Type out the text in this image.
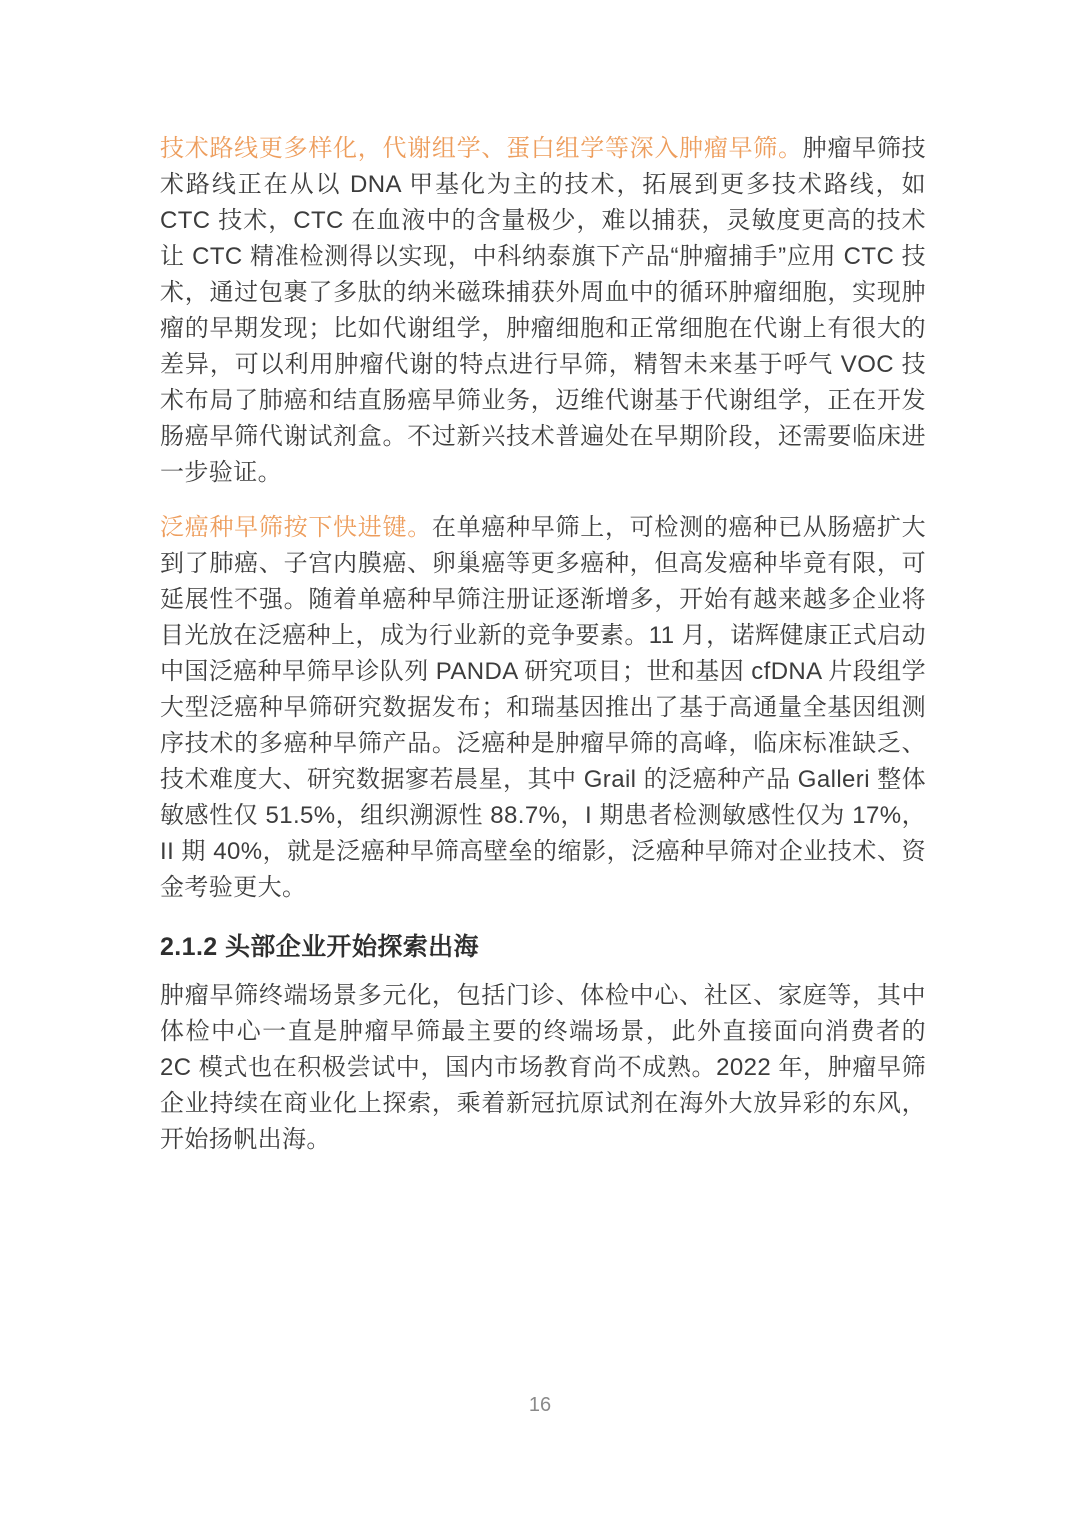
技术路线更多样化，代谢组学、蛋白组学等深入肿瘤早筛。肿瘤早筛技术路线正在从以 DNA 甲基化为主的技术，拓展到更多技术路线，如 CTC 技术，CTC 在血液中的含量极少，难以捕获，灵敏度更高的技术让 CTC 精准检测得以实现，中科纳泰旗下产品“肿瘤捕手”应用 CTC 技术，通过包裹了多肽的纳米磁珠捕获外周血中的循环肿瘤细胞，实现肿瘤的早期发现；比如代谢组学，肿瘤细胞和正常细胞在代谢上有很大的差异，可以利用肿瘤代谢的特点进行早筛，精智未来基于呼气 VOC 技术布局了肺癌和结直肠癌早筛业务，迈维代谢基于代谢组学，正在开发肠癌早筛代谢试剂盒。不过新兴技术普遍处在早期阶段，还需要临床进一步验证。

泛癌种早筛按下快进键。在单癌种早筛上，可检测的癌种已从肠癌扩大到了肺癌、子宫内膜癌、卵巢癌等更多癌种，但高发癌种毕竟有限，可延展性不强。随着单癌种早筛注册证逐渐增多，开始有越来越多企业将目光放在泛癌种上，成为行业新的竞争要素。11 月，诺辉健康正式启动中国泛癌种早筛早诊队列 PANDA 研究项目；世和基因 cfDNA 片段组学大型泛癌种早筛研究数据发布；和瑞基因推出了基于高通量全基因组测序技术的多癌种早筛产品。泛癌种是肿瘤早筛的高峰，临床标准缺乏、技术难度大、研究数据寥若晨星，其中 Grail 的泛癌种产品 Galleri 整体敏感性仅 51.5%，组织溯源性 88.7%，I 期患者检测敏感性仅为 17%，II 期 40%，就是泛癌种早筛高壁垒的缩影，泛癌种早筛对企业技术、资金考验更大。

2.1.2 头部企业开始探索出海

肿瘤早筛终端场景多元化，包括门诊、体检中心、社区、家庭等，其中体检中心一直是肿瘤早筛最主要的终端场景，此外直接面向消费者的 2C 模式也在积极尝试中，国内市场教育尚不成熟。2022 年，肿瘤早筛企业持续在商业化上探索，乘着新冠抗原试剂在海外大放异彩的东风，开始扬帆出海。

16
